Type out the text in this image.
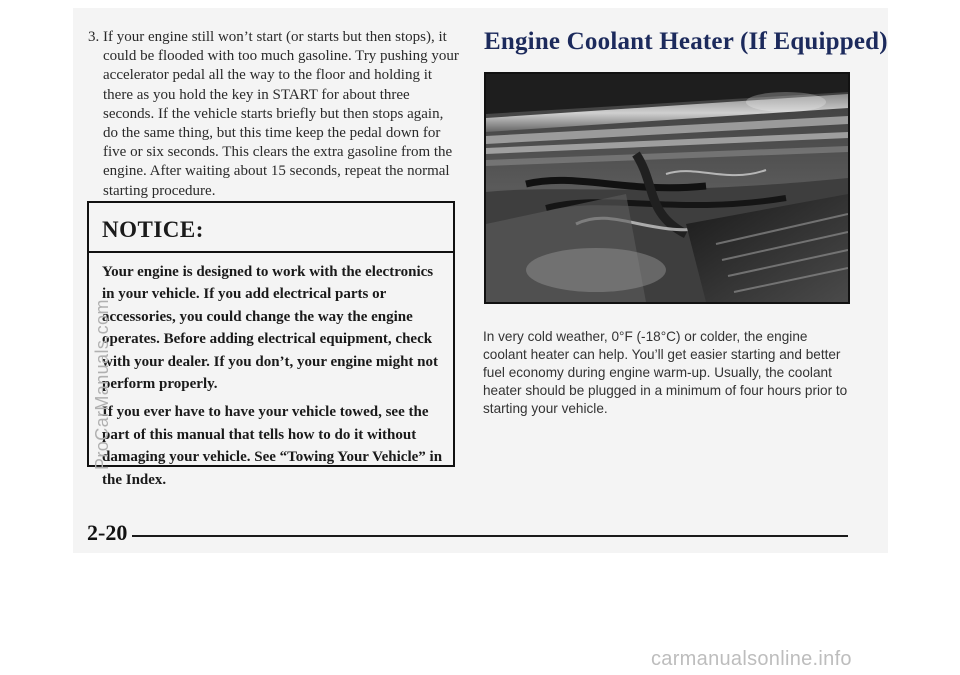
3. If your engine still won’t start (or starts but then stops), it could be flooded with too much gasoline. Try pushing your accelerator pedal all the way to the floor and holding it there as you hold the key in START for about three seconds. If the vehicle starts briefly but then stops again, do the same thing, but this time keep the pedal down for five or six seconds. This clears the extra gasoline from the engine. After waiting about 15 seconds, repeat the normal starting procedure.
NOTICE:

Your engine is designed to work with the electronics in your vehicle. If you add electrical parts or accessories, you could change the way the engine operates. Before adding electrical equipment, check with your dealer. If you don’t, your engine might not perform properly.

If you ever have to have your vehicle towed, see the part of this manual that tells how to do it without damaging your vehicle. See “Towing Your Vehicle” in the Index.

Engine Coolant Heater (If Equipped)
In very cold weather, 0°F (-18°C) or colder, the engine coolant heater can help. You’ll get easier starting and better fuel economy during engine warm-up. Usually, the coolant heater should be plugged in a minimum of four hours prior to starting your vehicle.
2-20
ProCarManuals.com
carmanualsonline.info
